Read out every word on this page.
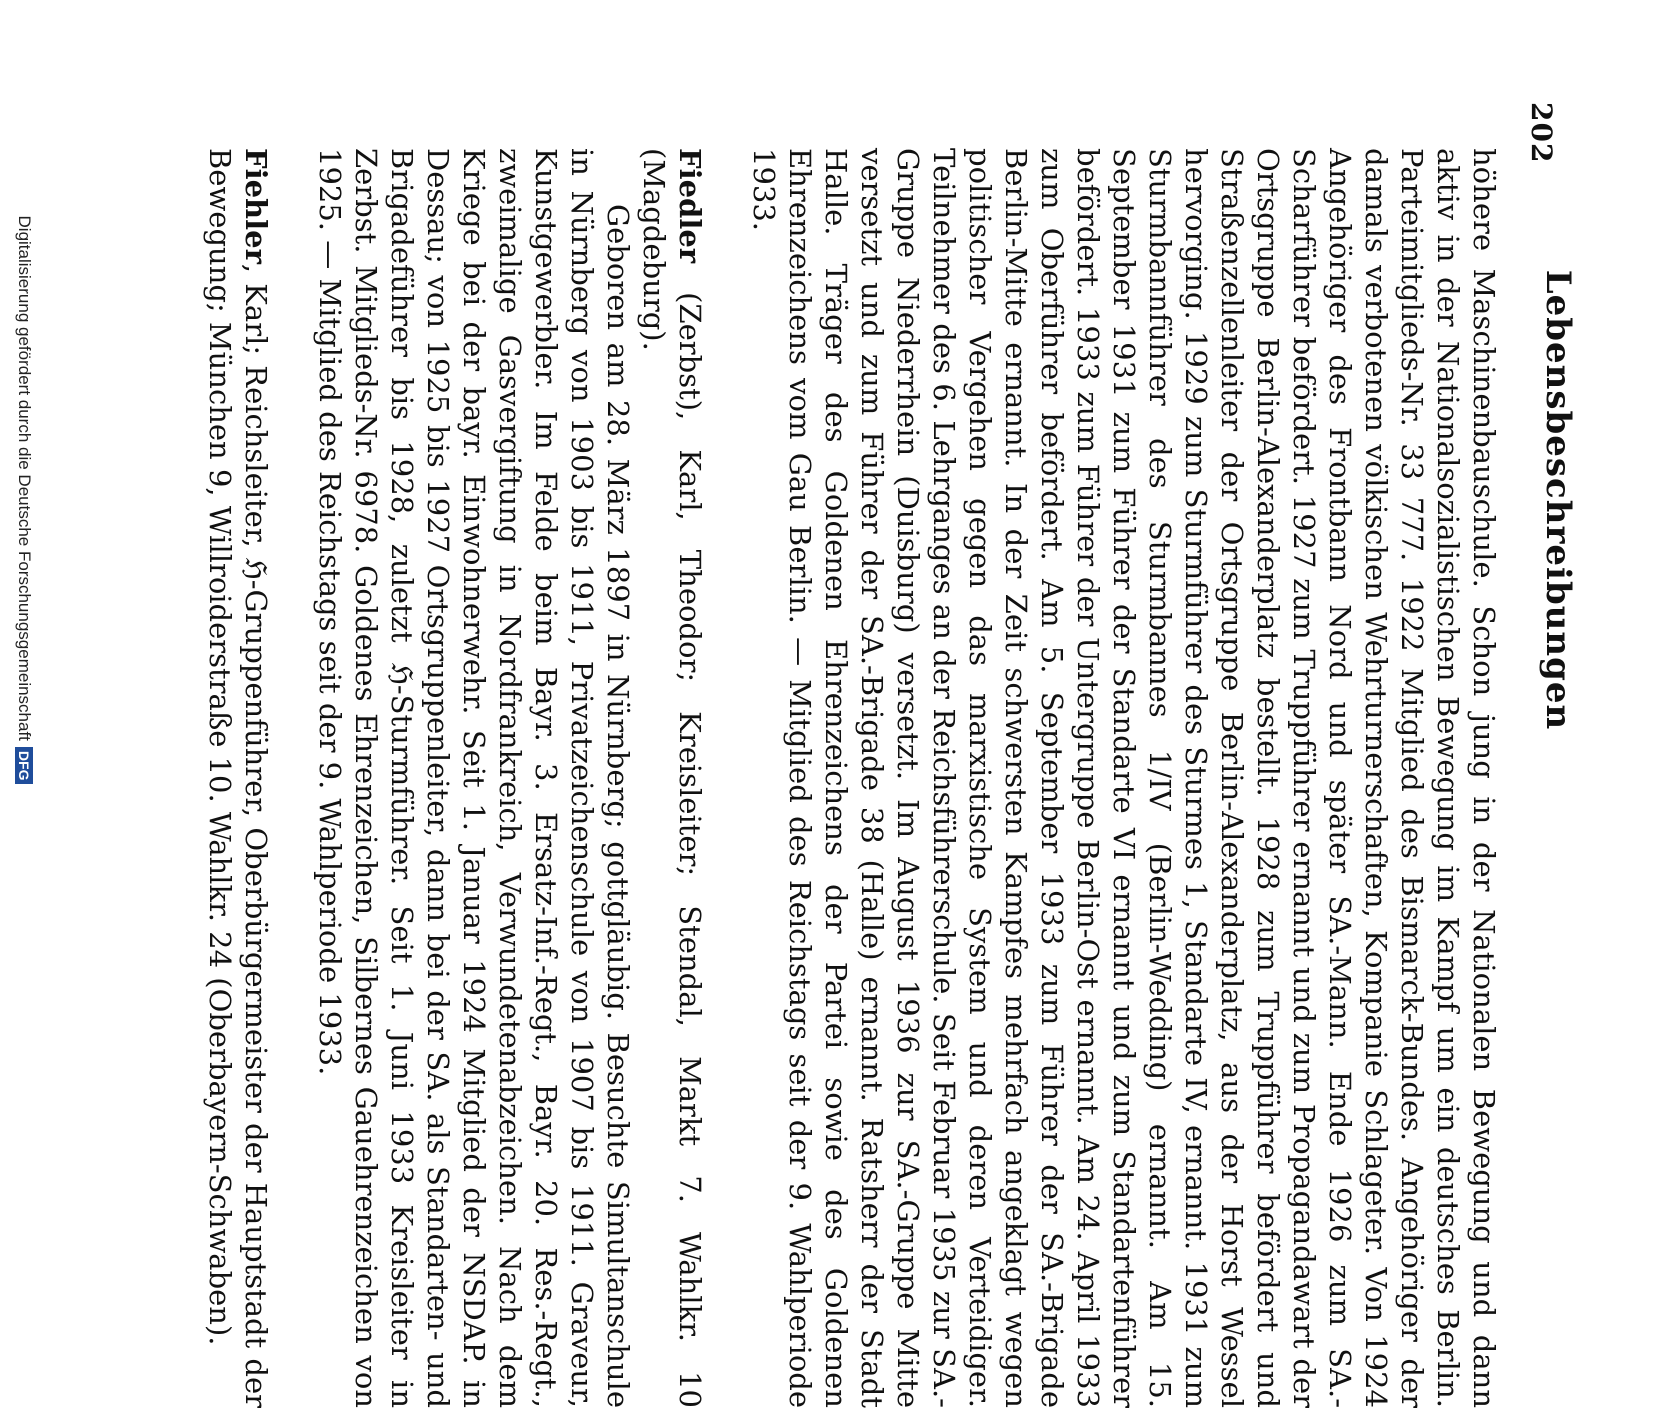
202
Lebensbeschreibungen

höhere Maschinenbauschule. Schon jung in der Nationalen Bewegung und dann aktiv in der Nationalsozialistischen Bewegung im Kampf um ein deutsches Berlin. Parteimitglieds-Nr. 33 777. 1922 Mitglied des Bismarck-Bundes. Angehöriger der damals verbotenen völkischen Wehrturnerschaften, Kompanie Schlageter. Von 1924 Angehöriger des Frontbann Nord und später SA.-Mann. Ende 1926 zum SA.-Scharführer befördert. 1927 zum Truppführer ernannt und zum Propagandawart der Ortsgruppe Berlin-Alexanderplatz bestellt. 1928 zum Truppführer befördert und Straßenzellenleiter der Ortsgruppe Berlin-Alexanderplatz, aus der Horst Wessel hervorging. 1929 zum Sturmführer des Sturmes 1, Standarte IV, ernannt. 1931 zum Sturmbannführer des Sturmbannes 1/IV (Berlin-Wedding) ernannt. Am 15. September 1931 zum Führer der Standarte VI ernannt und zum Standartenführer befördert. 1933 zum Führer der Untergruppe Berlin-Ost ernannt. Am 24. April 1933 zum Oberführer befördert. Am 5. September 1933 zum Führer der SA.-Brigade Berlin-Mitte ernannt. In der Zeit schwersten Kampfes mehrfach angeklagt wegen politischer Vergehen gegen das marxistische System und deren Verteidiger. Teilnehmer des 6. Lehrganges an der Reichsführerschule. Seit Februar 1935 zur SA.-Gruppe Niederrhein (Duisburg) versetzt. Im August 1936 zur SA.-Gruppe Mitte versetzt und zum Führer der SA.-Brigade 38 (Halle) ernannt. Ratsherr der Stadt Halle. Träger des Goldenen Ehrenzeichens der Partei sowie des Goldenen Ehrenzeichens vom Gau Berlin. — Mitglied des Reichstags seit der 9. Wahlperiode 1933.

Fiedler (Zerbst), Karl, Theodor; Kreisleiter; Stendal, Markt 7. Wahlkr. 10 (Magdeburg).

Geboren am 28. März 1897 in Nürnberg; gottgläubig. Besuchte Simultanschule in Nürnberg von 1903 bis 1911, Privatzeichenschule von 1907 bis 1911. Graveur, Kunstgewerbler. Im Felde beim Bayr. 3. Ersatz-Inf.-Regt., Bayr. 20. Res.-Regt., zweimalige Gasvergiftung in Nordfrankreich, Verwundetenabzeichen. Nach dem Kriege bei der bayr. Einwohnerwehr. Seit 1. Januar 1924 Mitglied der NSDAP. in Dessau; von 1925 bis 1927 Ortsgruppenleiter, dann bei der SA. als Standarten- und Brigadeführer bis 1928, zuletzt ℌ-Sturmführer. Seit 1. Juni 1933 Kreisleiter in Zerbst. Mitglieds-Nr. 6978. Goldenes Ehrenzeichen, Silbernes Gauehrenzeichen von 1925. — Mitglied des Reichstags seit der 9. Wahlperiode 1933.

Fiehler, Karl; Reichsleiter, ℌ-Gruppenführer, Oberbürgermeister der Hauptstadt der Bewegung; München 9, Willroiderstraße 10. Wahlkr. 24 (Oberbayern-Schwaben).

Digitalisierung gefördert durch die Deutsche Forschungsgemeinschaft
DFG
